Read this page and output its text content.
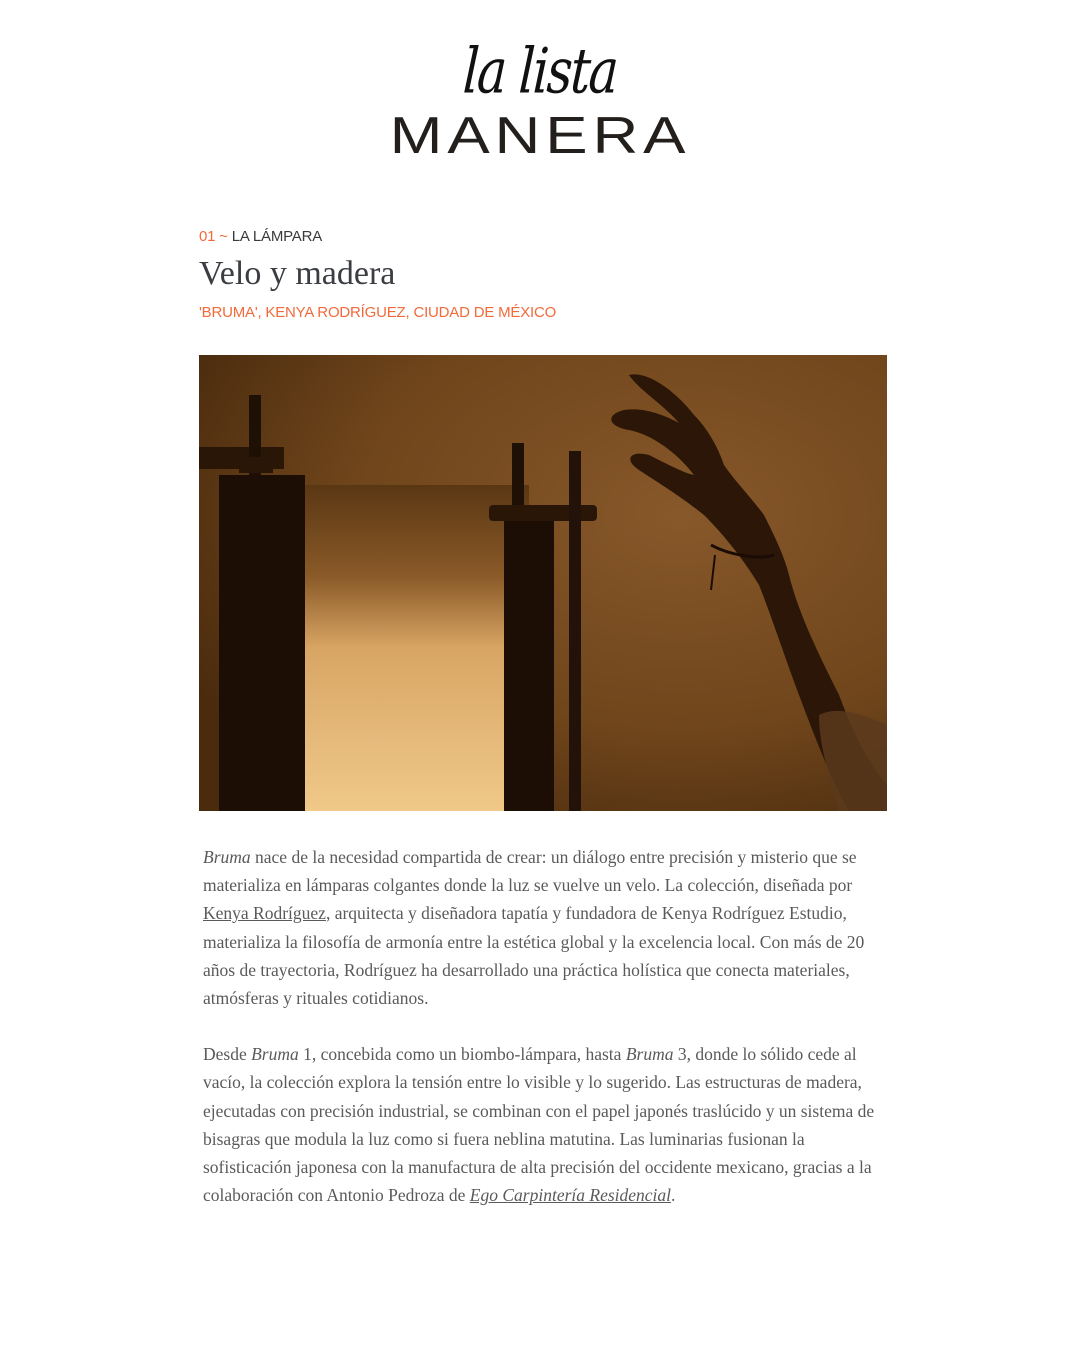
la lista
MANERA

01 ~ LA LÁMPARA

Velo y madera

'BRUMA', KENYA RODRÍGUEZ, CIUDAD DE MÉXICO

Bruma nace de la necesidad compartida de crear: un diálogo entre precisión y misterio que se materializa en lámparas colgantes donde la luz se vuelve un velo. La colección, diseñada por Kenya Rodríguez, arquitecta y diseñadora tapatía y fundadora de Kenya Rodríguez Estudio, materializa la filosofía de armonía entre la estética global y la excelencia local. Con más de 20 años de trayectoria, Rodríguez ha desarrollado una práctica holística que conecta materiales, atmósferas y rituales cotidianos.

Desde Bruma 1, concebida como un biombo-lámpara, hasta Bruma 3, donde lo sólido cede al vacío, la colección explora la tensión entre lo visible y lo sugerido. Las estructuras de madera, ejecutadas con precisión industrial, se combinan con el papel japonés traslúcido y un sistema de bisagras que modula la luz como si fuera neblina matutina. Las luminarias fusionan la sofisticación japonesa con la manufactura de alta precisión del occidente mexicano, gracias a la colaboración con Antonio Pedroza de Ego Carpintería Residencial.
